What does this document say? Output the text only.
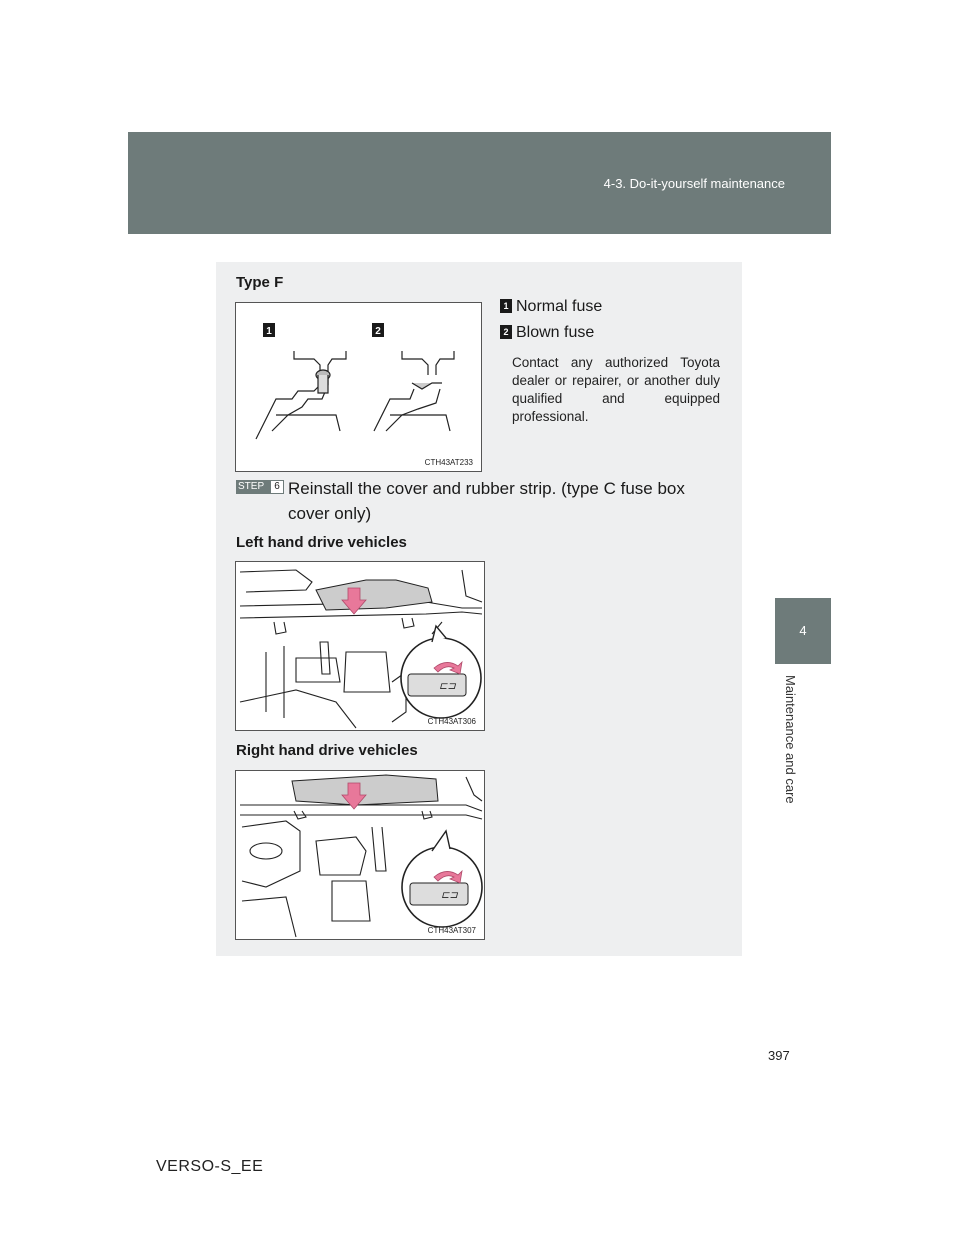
4-3. Do-it-yourself maintenance
4
Maintenance and care
Type F
1	2
CTH43AT233
1 Normal fuse
2 Blown fuse
Contact any authorized Toyota dealer or repairer, or another duly qualified and equipped professional.
STEP	6 Reinstall the cover and rubber strip. (type C fuse box cover only)
Left hand drive vehicles
⊏⊐
CTH43AT306
Right hand drive vehicles
⊏⊐
CTH43AT307
397
VERSO-S_EE
